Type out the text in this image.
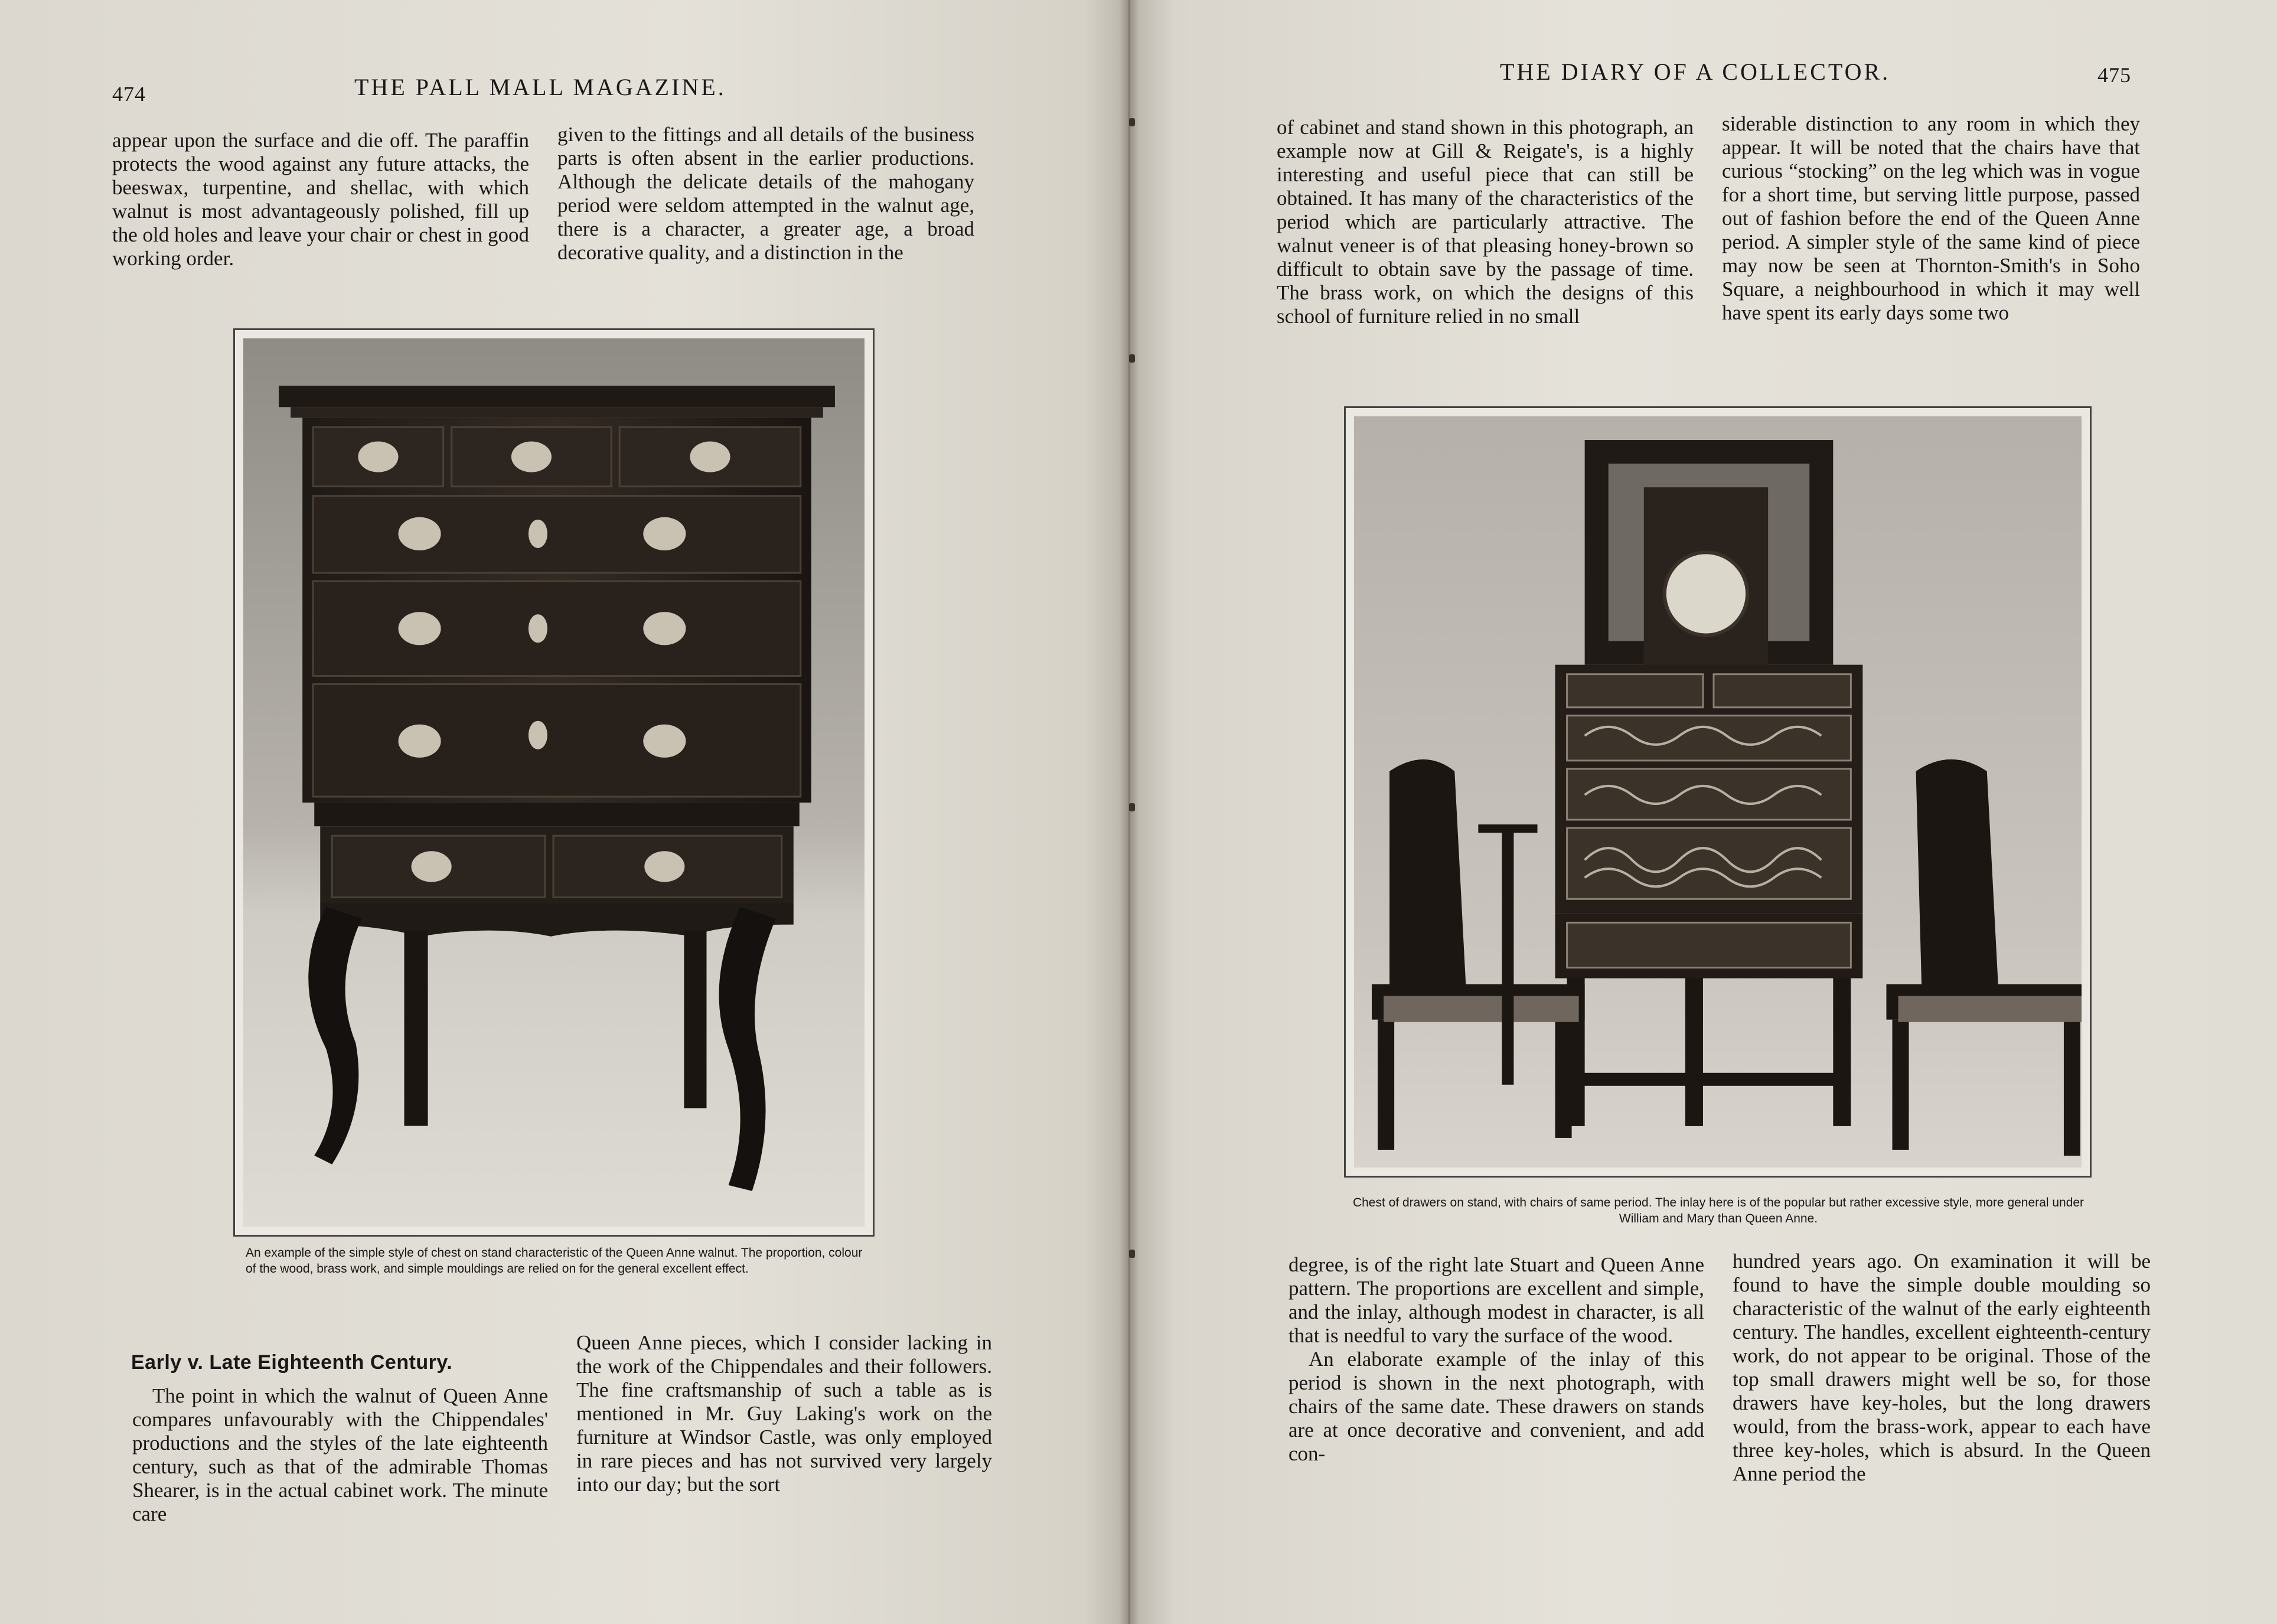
474	THE PALL MALL MAGAZINE.

appear upon the surface and die off. The paraffin protects the wood against any future attacks, the beeswax, turpentine, and shellac, with which walnut is most advantageously polished, fill up the old holes and leave your chair or chest in good working order.

given to the fittings and all details of the business parts is often absent in the earlier productions. Although the delicate details of the mahogany period were seldom attempted in the walnut age, there is a character, a greater age, a broad decorative quality, and a distinction in the

An example of the simple style of chest on stand characteristic of the Queen Anne walnut. The proportion, colour of the wood, brass work, and simple mouldings are relied on for the general excellent effect.
Early v. Late Eighteenth Century.

The point in which the walnut of Queen Anne compares unfavourably with the Chippendales' productions and the styles of the late eighteenth century, such as that of the admirable Thomas Shearer, is in the actual cabinet work. The minute care

Queen Anne pieces, which I consider lacking in the work of the Chippendales and their followers. The fine craftsmanship of such a table as is mentioned in Mr. Guy Laking's work on the furniture at Windsor Castle, was only employed in rare pieces and has not survived very largely into our day; but the sort

THE DIARY OF A COLLECTOR.	475

of cabinet and stand shown in this photograph, an example now at Gill & Reigate's, is a highly interesting and useful piece that can still be obtained. It has many of the characteristics of the period which are particularly attractive. The walnut veneer is of that pleasing honey-brown so difficult to obtain save by the passage of time. The brass work, on which the designs of this school of furniture relied in no small

siderable distinction to any room in which they appear. It will be noted that the chairs have that curious “stocking” on the leg which was in vogue for a short time, but serving little purpose, passed out of fashion before the end of the Queen Anne period. A simpler style of the same kind of piece may now be seen at Thornton-Smith's in Soho Square, a neighbourhood in which it may well have spent its early days some two

Chest of drawers on stand, with chairs of same period. The inlay here is of the popular but rather excessive style, more general under William and Mary than Queen Anne.

degree, is of the right late Stuart and Queen Anne pattern. The proportions are excellent and simple, and the inlay, although modest in character, is all that is needful to vary the surface of the wood.

An elaborate example of the inlay of this period is shown in the next photograph, with chairs of the same date. These drawers on stands are at once decorative and convenient, and add con-

hundred years ago. On examination it will be found to have the simple double moulding so characteristic of the walnut of the early eighteenth century. The handles, excellent eighteenth-century work, do not appear to be original. Those of the top small drawers might well be so, for those drawers have key-holes, but the long drawers would, from the brass-work, appear to each have three key-holes, which is absurd. In the Queen Anne period the
